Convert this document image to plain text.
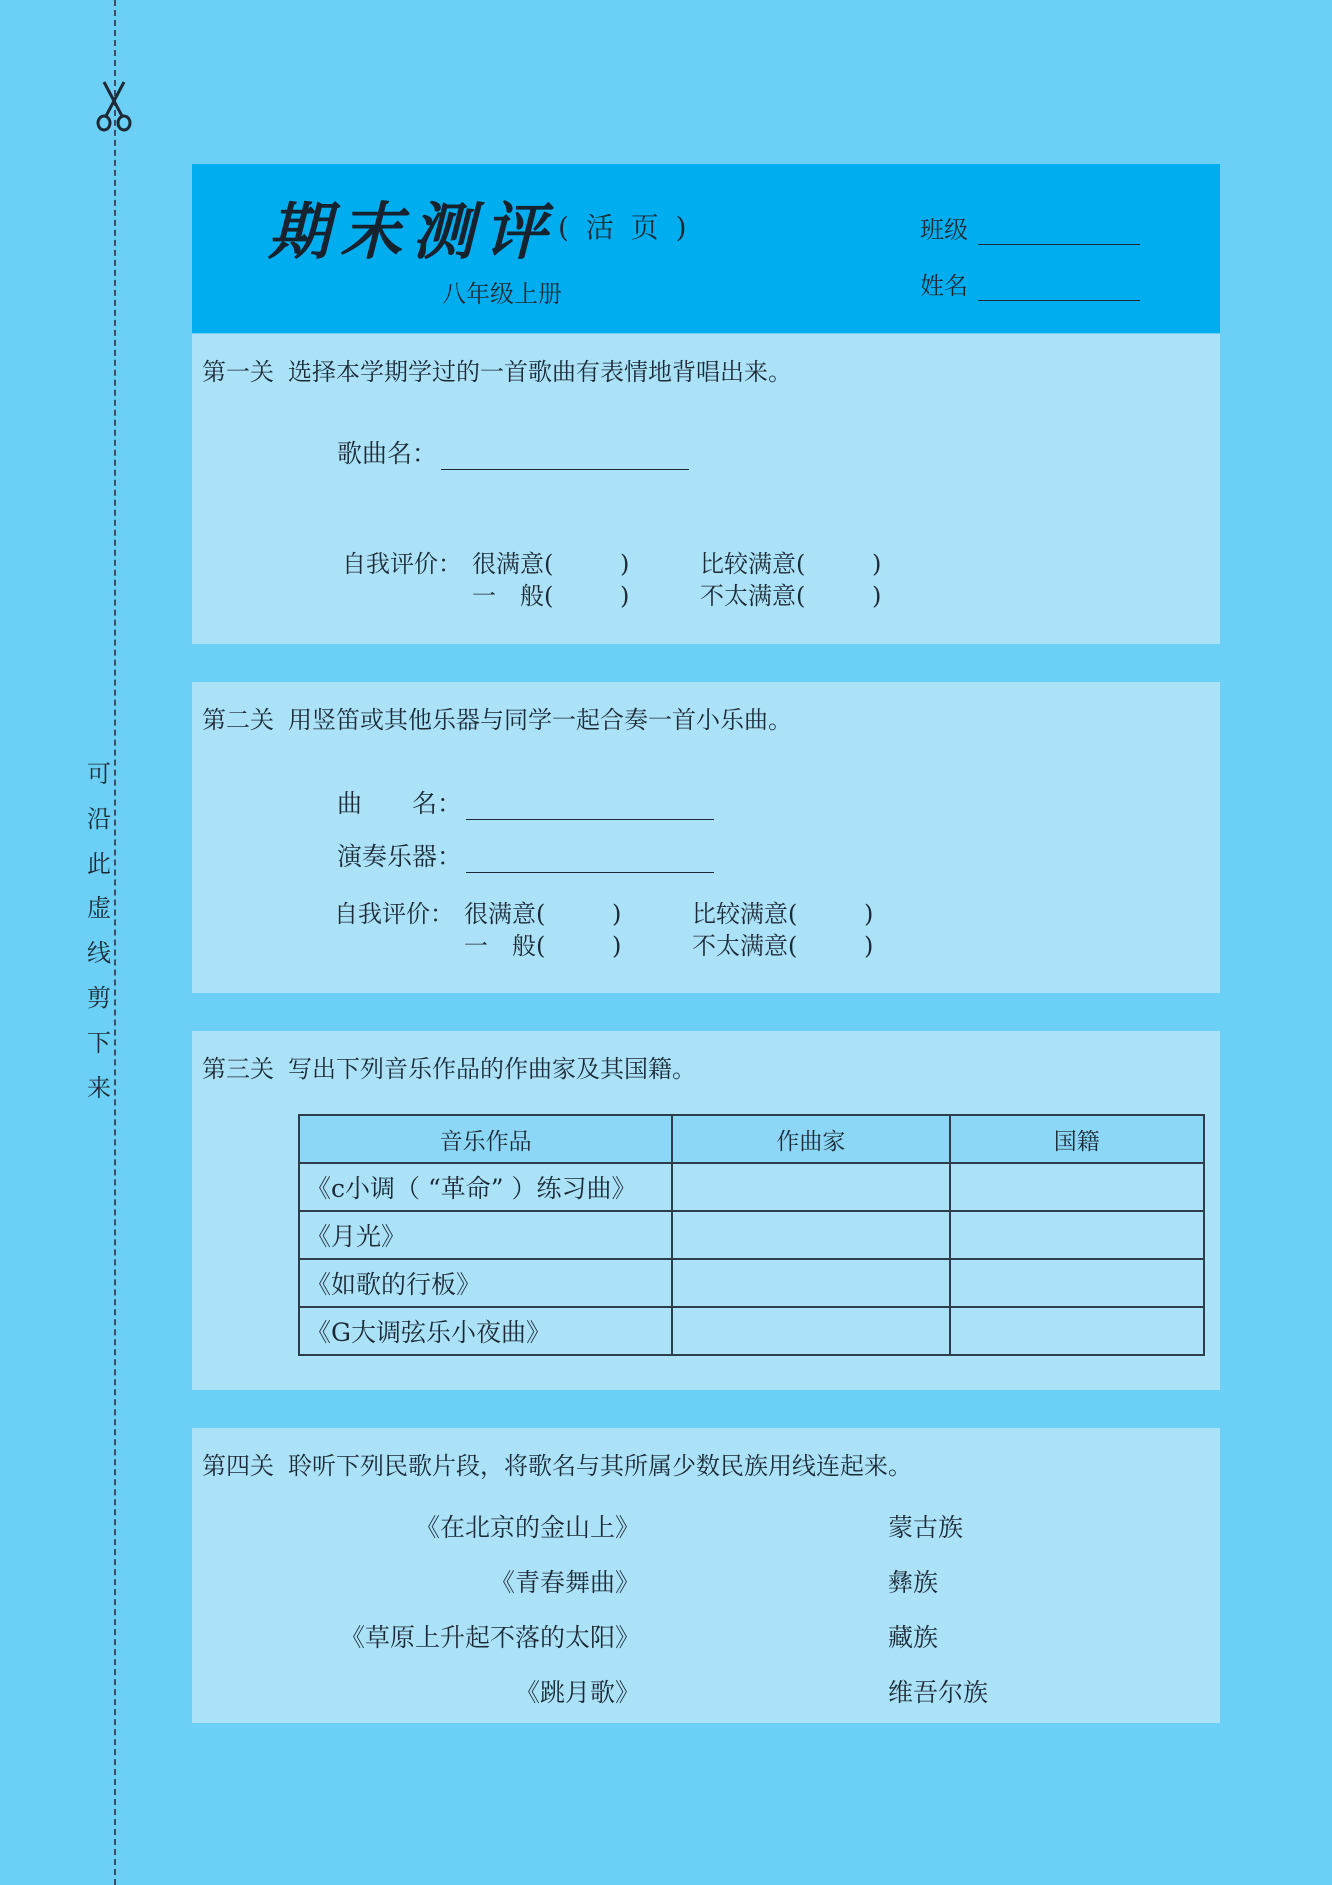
可
沿
此
虚
线
剪
下
来
期末测评 ( 活 页 )
八年级上册
班级
姓名
第一关 选择本学期学过的一首歌曲有表情地背唱出来。
歌曲名：
自我评价： 很满意(	)	比较满意(	)
一　般(	)	不太满意(	)
第二关 用竖笛或其他乐器与同学一起合奏一首小乐曲。
曲　　名：
演奏乐器：
自我评价： 很满意(	)	比较满意(	)
一　般(	)	不太满意(	)
第三关 写出下列音乐作品的作曲家及其国籍。
音乐作品	作曲家	国籍
《c小调（ “革命” ）练习曲》		
《月光》		
《如歌的行板》		
《G大调弦乐小夜曲》		
第四关 聆听下列民歌片段，将歌名与其所属少数民族用线连起来。
《在北京的金山上》
《青春舞曲》
《草原上升起不落的太阳》
《跳月歌》
蒙古族
彝族
藏族
维吾尔族
